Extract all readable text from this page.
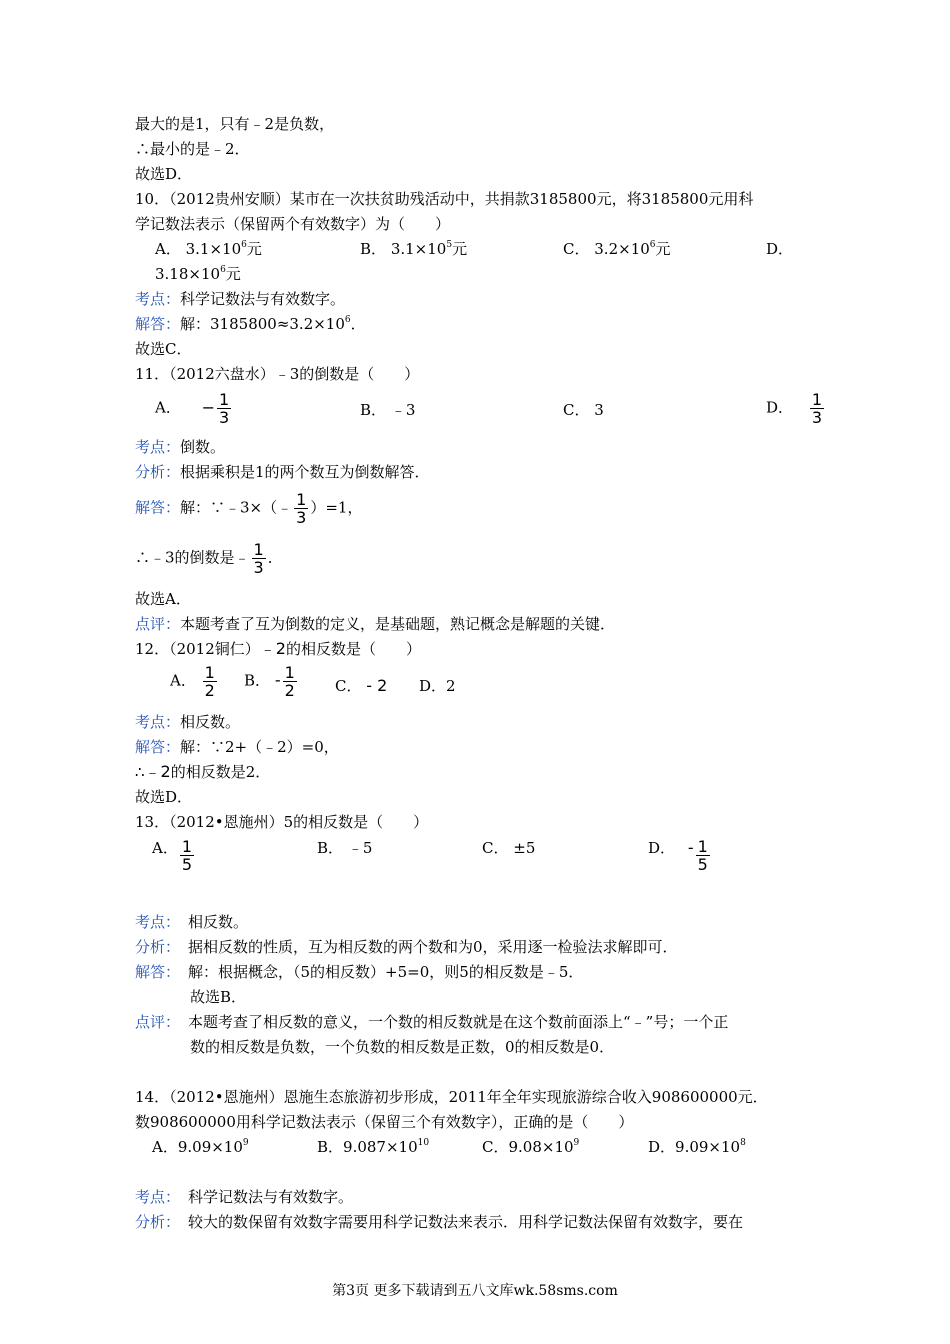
最大的是1，只有﹣2是负数，
∴最小的是﹣2．
故选D．
10．（2012贵州安顺）某市在一次扶贫助残活动中，共捐款3185800元，将3185800元用科
学记数法表示（保留两个有效数字）为（　　）
A． $3.1\times 10^6$元	B． $3.1\times 10^5$元	C． $3.2\times 10^6$元	D．
$3.18\times 10^6$元
考点：科学记数法与有效数字。
解答：解：$3185800\approx 3.2\times 10^6$．
故选C．
11．（2012六盘水）﹣3的倒数是（　　）
A． − $\frac{1}{3}$	B． ﹣3	C． 3	D． $\frac{1}{3}$
考点：倒数。
分析：根据乘积是1的两个数互为倒数解答．
解答：解：∵﹣3×（﹣ $\frac{1}{3} )=1$，
∴﹣3的倒数是﹣ $\frac{1}{3}$ ．
故选A．
点评：本题考查了互为倒数的定义，是基础题，熟记概念是解题的关键．
12．（2012铜仁）﹣2的相反数是（　　）
A． $\frac{1}{2}$ B． - $\frac{1}{2}$	C． - 2 D．2
考点：相反数。
解答：解：∵2+（﹣2）=0，
∴﹣2的相反数是2．
故选D．
13．（2012•恩施州）5的相反数是（　　）
A． $\frac{1}{5}$	B． ﹣5	C． ±5	D． - $\frac{1}{5}$
考点： 相反数。
分析： 据相反数的性质，互为相反数的两个数和为0，采用逐一检验法求解即可．
解答： 解：根据概念，（5的相反数）+5=0，则5的相反数是﹣5．
故选B．
点评： 本题考查了相反数的意义，一个数的相反数就是在这个数前面添上“﹣”号；一个正
数的相反数是负数，一个负数的相反数是正数，0的相反数是0．
14．（2012•恩施州）恩施生态旅游初步形成，2011年全年实现旅游综合收入908600000元．
数908600000用科学记数法表示（保留三个有效数字），正确的是（　　）
A．$9.09\times 10^9$	B．$9.087\times 10^{10}$	C．$9.08\times 10^9$	D．$9.09\times 10^8$
考点： 科学记数法与有效数字。
分析： 较大的数保留有效数字需要用科学记数法来表示．用科学记数法保留有效数字，要在
第3页 更多下载请到五八文库wk.58sms.com
